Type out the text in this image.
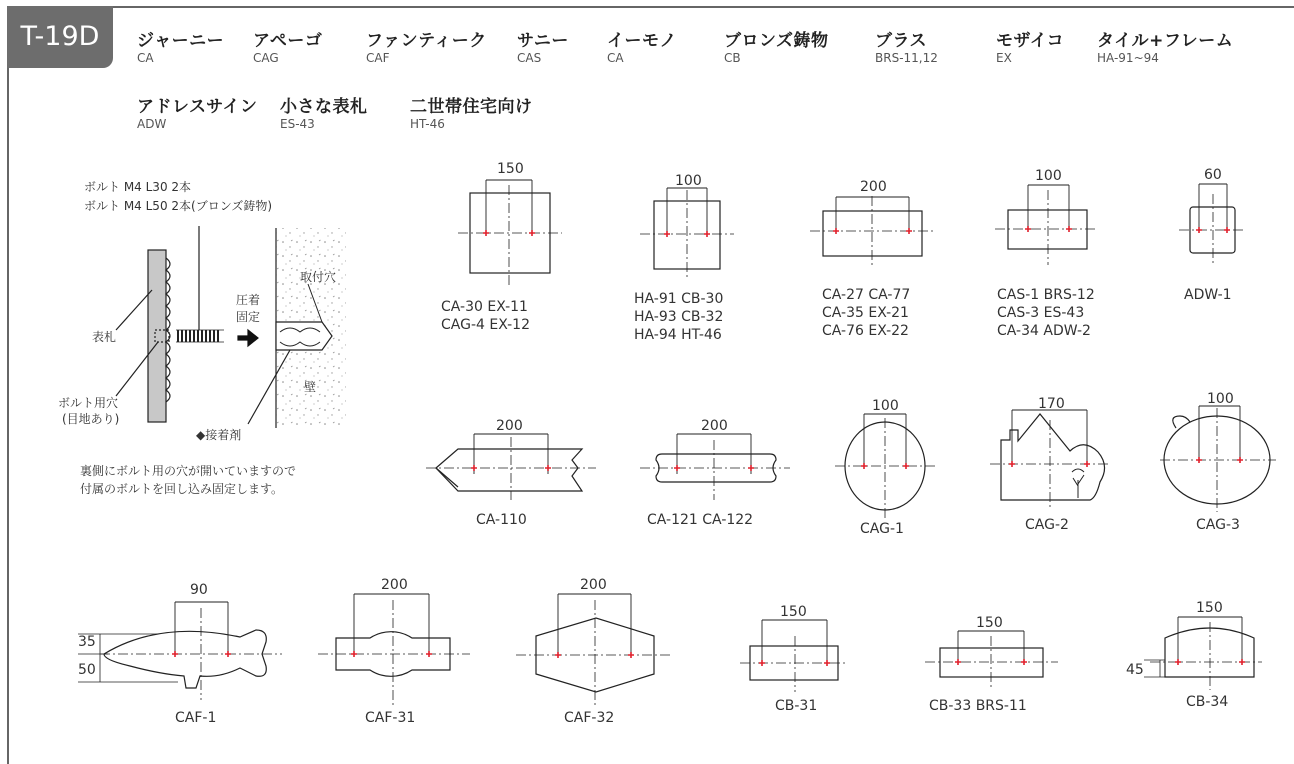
T-19D	ジャーニー
CA
アペーゴ
CAG
ファンティーク
CAF
サニー
CAS
イーモノ
CA
ブロンズ鋳物
CB
ブラス
BRS-11,12
モザイコ
EX
タイル+フレーム
HA-91~94
アドレスサイン
ADW
小さな表札
ES-43
二世帯住宅向け
HT-46
ボルト M4 L30 2本
ボルト M4 L50 2本(ブロンズ鋳物)
表札
ボルト用穴
(目地あり)
圧着
固定
◆接着剤
裏側にボルト用の穴が開いていますので
付属のボルトを回し込み固定します。
150
100	200
100	60
200	200
100	170	100
90
35
50
200	200
150
150
150
45
CA-30 EX-11
CAG-4 EX-12
HA-91 CB-30
HA-93 CB-32
HA-94 HT-46
CA-27 CA-77
CA-35 EX-21
CA-76 EX-22
CAS-1 BRS-12
CAS-3 ES-43
CA-34 ADW-2
ADW-1
CA-110	CA-121 CA-122
CAG-1	CAG-2	CAG-3
CAF-1	CAF-31	CAF-32
CB-31	CB-33 BRS-11	CB-34
